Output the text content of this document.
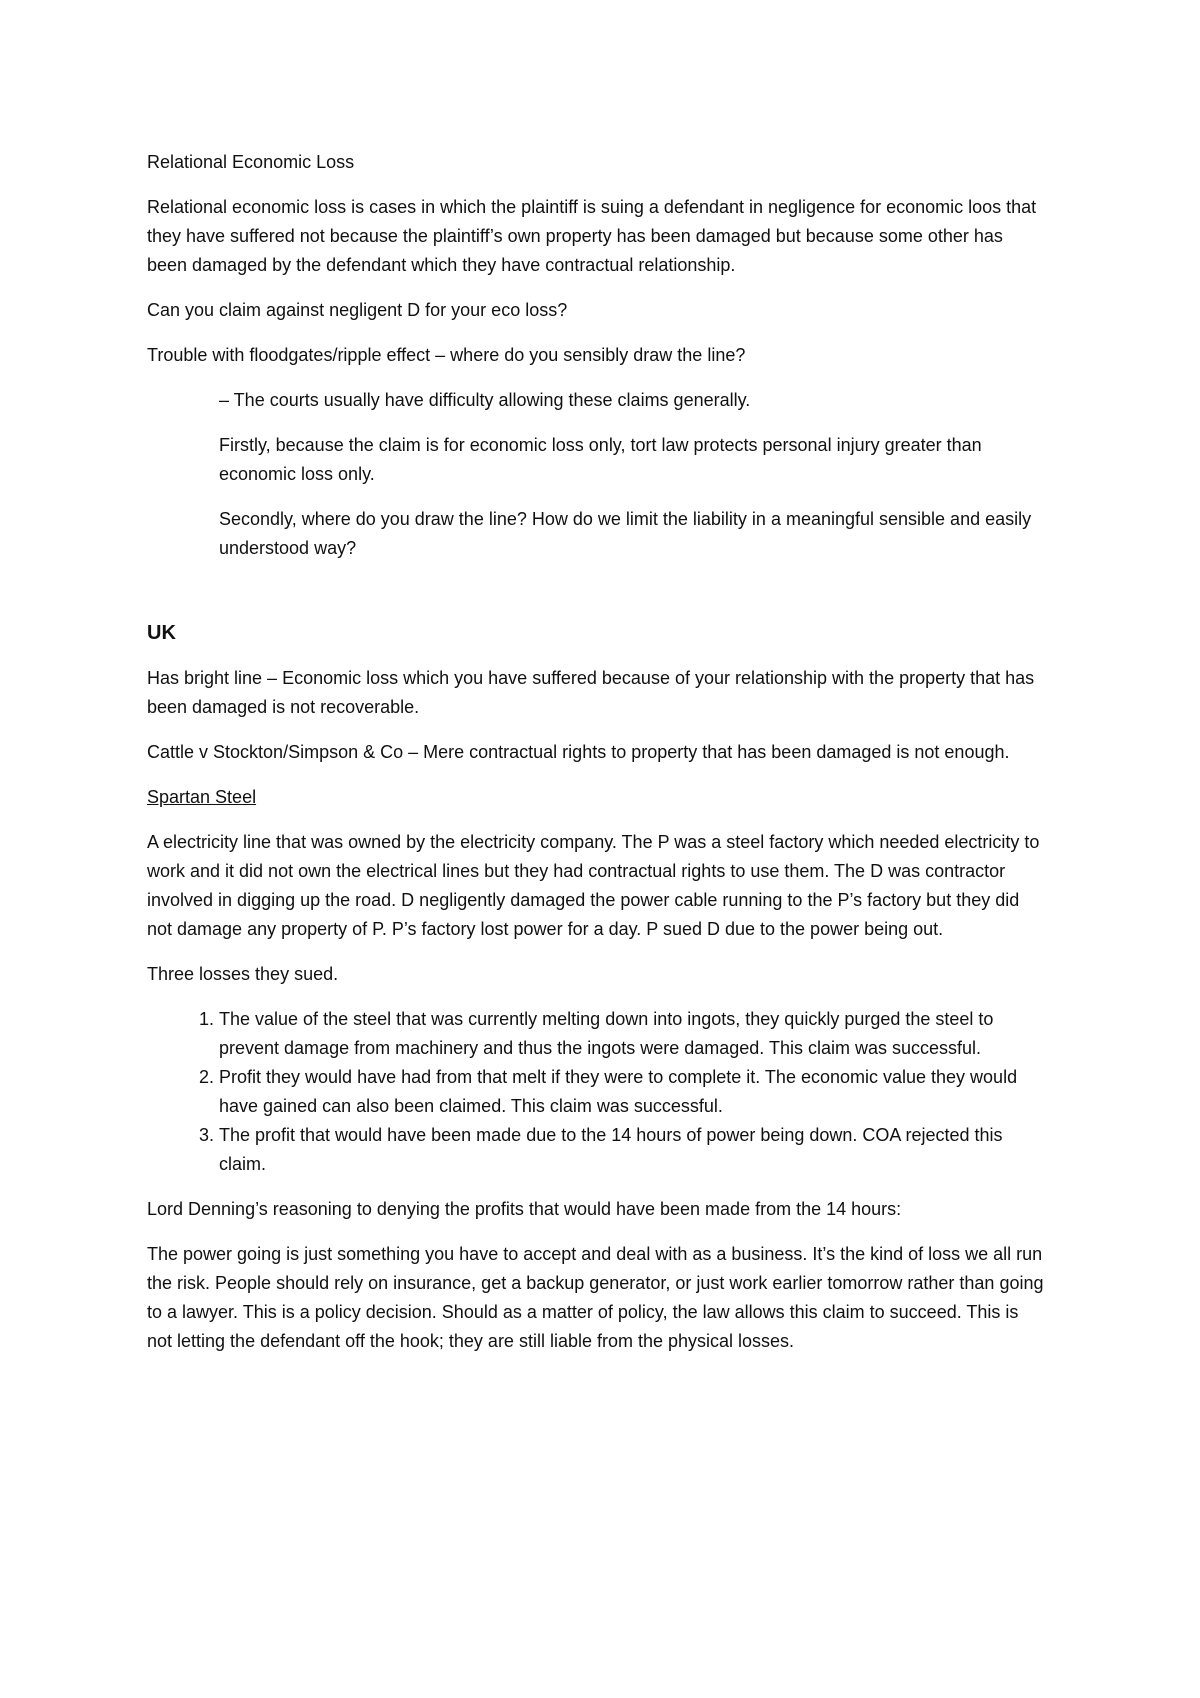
Relational Economic Loss

Relational economic loss is cases in which the plaintiff is suing a defendant in negligence for economic loos that they have suffered not because the plaintiff’s own property has been damaged but because some other has been damaged by the defendant which they have contractual relationship.

Can you claim against negligent D for your eco loss?

Trouble with floodgates/ripple effect – where do you sensibly draw the line?

– The courts usually have difficulty allowing these claims generally.

Firstly, because the claim is for economic loss only, tort law protects personal injury greater than economic loss only.

Secondly, where do you draw the line? How do we limit the liability in a meaningful sensible and easily understood way?

UK

Has bright line – Economic loss which you have suffered because of your relationship with the property that has been damaged is not recoverable.

Cattle v Stockton/Simpson & Co – Mere contractual rights to property that has been damaged is not enough.

Spartan Steel

A electricity line that was owned by the electricity company. The P was a steel factory which needed electricity to work and it did not own the electrical lines but they had contractual rights to use them. The D was contractor involved in digging up the road. D negligently damaged the power cable running to the P’s factory but they did not damage any property of P. P’s factory lost power for a day. P sued D due to the power being out.

Three losses they sued.

1. The value of the steel that was currently melting down into ingots, they quickly purged the steel to prevent damage from machinery and thus the ingots were damaged. This claim was successful.
2. Profit they would have had from that melt if they were to complete it. The economic value they would have gained can also been claimed. This claim was successful.
3. The profit that would have been made due to the 14 hours of power being down. COA rejected this claim.

Lord Denning’s reasoning to denying the profits that would have been made from the 14 hours:

The power going is just something you have to accept and deal with as a business. It’s the kind of loss we all run the risk. People should rely on insurance, get a backup generator, or just work earlier tomorrow rather than going to a lawyer. This is a policy decision. Should as a matter of policy, the law allows this claim to succeed. This is not letting the defendant off the hook; they are still liable from the physical losses.
